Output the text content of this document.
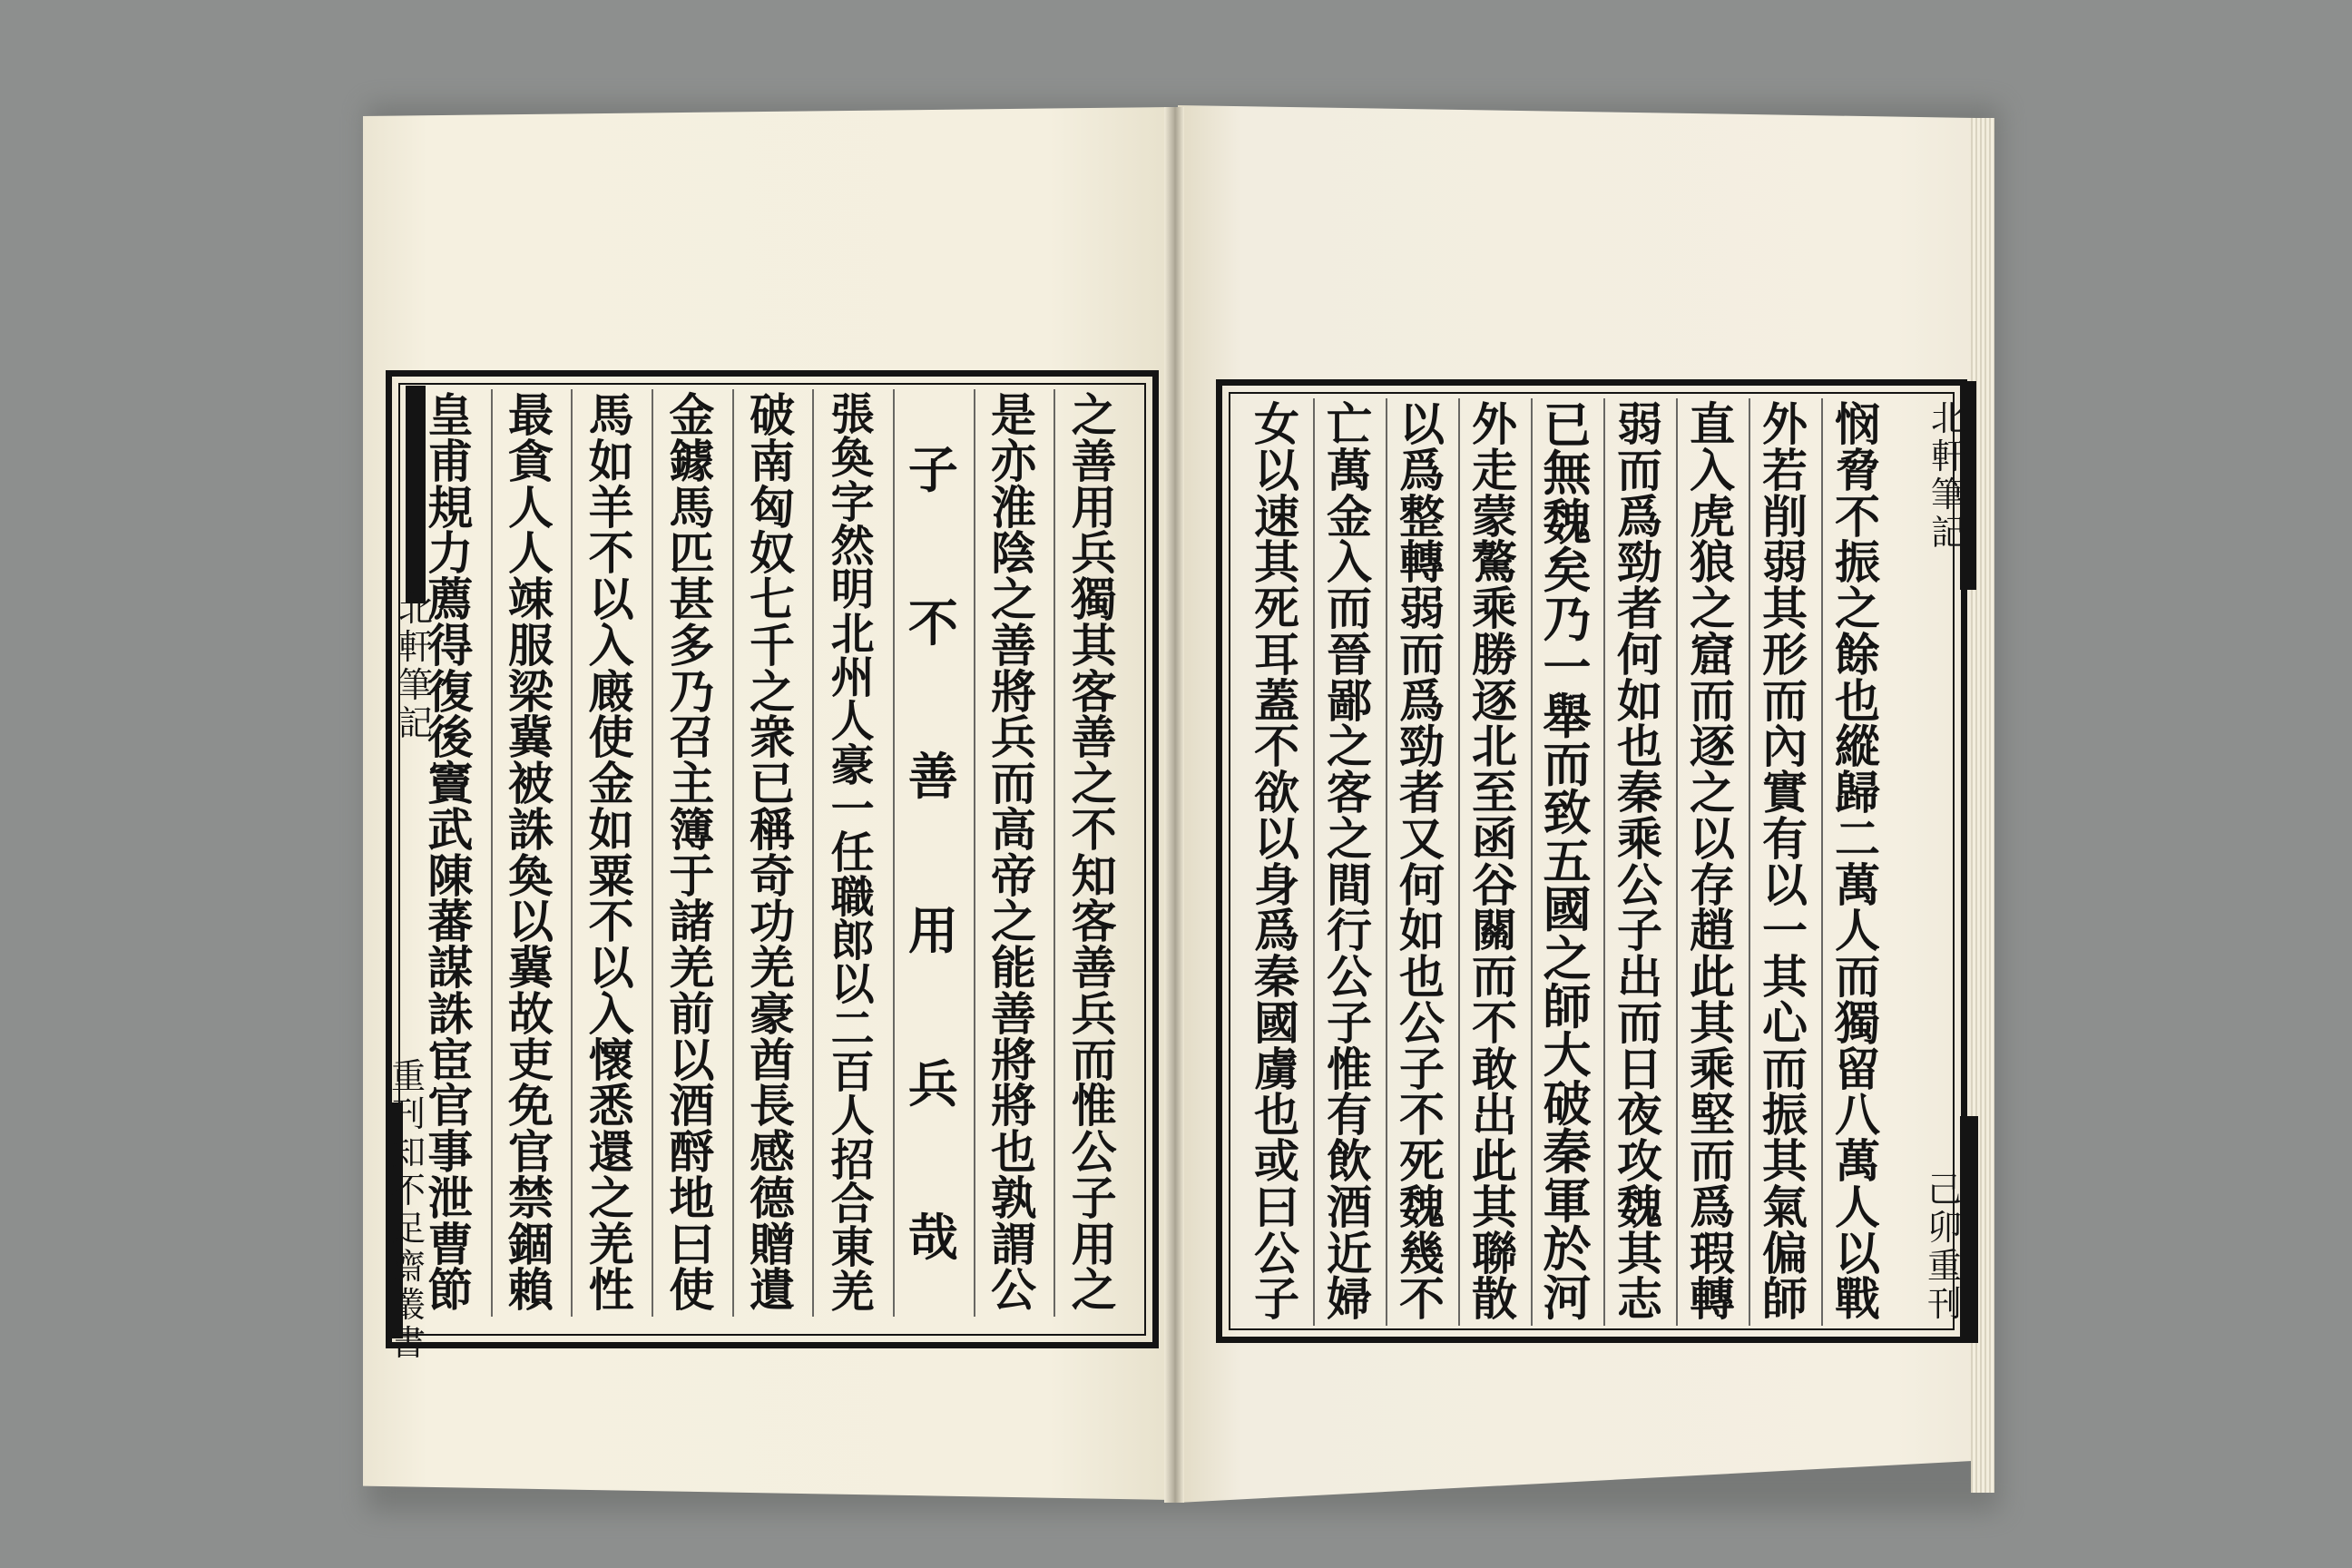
之
善
用
兵
獨
其
客
善
之
不
知
客
善
兵
而
惟
公
子
用
之
是
亦
淮
陰
之
善
將
兵
而
高
帝
之
能
善
將
將
也
孰
謂
公
子
不
善
用
兵
哉
張
奐
字
然
明
北
州
人
豪
一
任
職
郎
以
二
百
人
招
合
東
羌
破
南
匈
奴
七
千
之
衆
已
稱
奇
功
羌
豪
酋
長
感
德
贈
遺
金
鐻
馬
匹
甚
多
乃
召
主
簿
于
諸
羌
前
以
酒
酹
地
曰
使
馬
如
羊
不
以
入
廄
使
金
如
粟
不
以
入
懷
悉
還
之
羌
性
最
貪
人
人
竦
服
梁
冀
被
誅
奐
以
冀
故
吏
免
官
禁
錮
賴
皇
甫
規
力
薦
得
復
後
竇
武
陳
蕃
謀
誅
宦
官
事
泄
曹
節
北
軒
筆
記
重
刊
知
不
足
齋
叢
書
悯
脅
不
振
之
餘
也
縱
歸
二
萬
人
而
獨
留
八
萬
人
以
戰
外
若
削
弱
其
形
而
內
實
有
以
一
其
心
而
振
其
氣
偏
師
直
入
虎
狼
之
窟
而
逐
之
以
存
趙
此
其
乘
堅
而
爲
瑕
轉
弱
而
爲
勁
者
何
如
也
秦
乘
公
子
出
而
日
夜
攻
魏
其
志
已
無
魏
矣
乃
一
舉
而
致
五
國
之
師
大
破
秦
軍
於
河
外
走
蒙
驁
乘
勝
逐
北
至
函
谷
關
而
不
敢
出
此
其
聯
散
以
爲
整
轉
弱
而
爲
勁
者
又
何
如
也
公
子
不
死
魏
幾
不
亡
萬
金
入
而
晉
鄙
之
客
之
間
行
公
子
惟
有
飲
酒
近
婦
女
以
速
其
死
耳
蓋
不
欲
以
身
爲
秦
國
虜
也
或
曰
公
子
北
軒
筆
記
己
卯
重
刊
